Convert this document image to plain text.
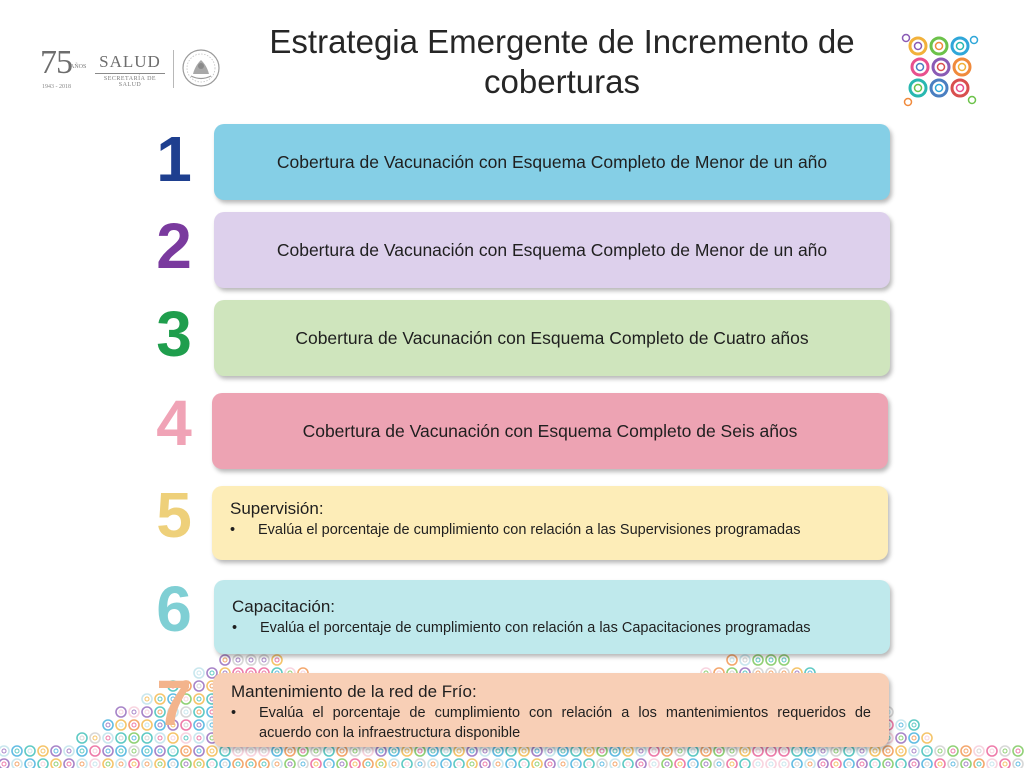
75
AÑOS
1943 - 2018
SALUD
SECRETARÍA DE SALUD
Estrategia Emergente de Incremento de
coberturas
1	Cobertura de Vacunación con Esquema Completo de Menor de un año
2	Cobertura de Vacunación con Esquema Completo de Menor de un año
3	Cobertura de Vacunación con Esquema Completo de Cuatro años
4	Cobertura de Vacunación con Esquema Completo de Seis años
5	Supervisión:
• Evalúa el porcentaje de cumplimiento con relación a las Supervisiones programadas
6	Capacitación:
• Evalúa el porcentaje de cumplimiento con relación a las Capacitaciones programadas
7	Mantenimiento de la red de Frío:
• Evalúa el porcentaje de cumplimiento con relación a los mantenimientos requeridos de acuerdo con la infraestructura disponible
